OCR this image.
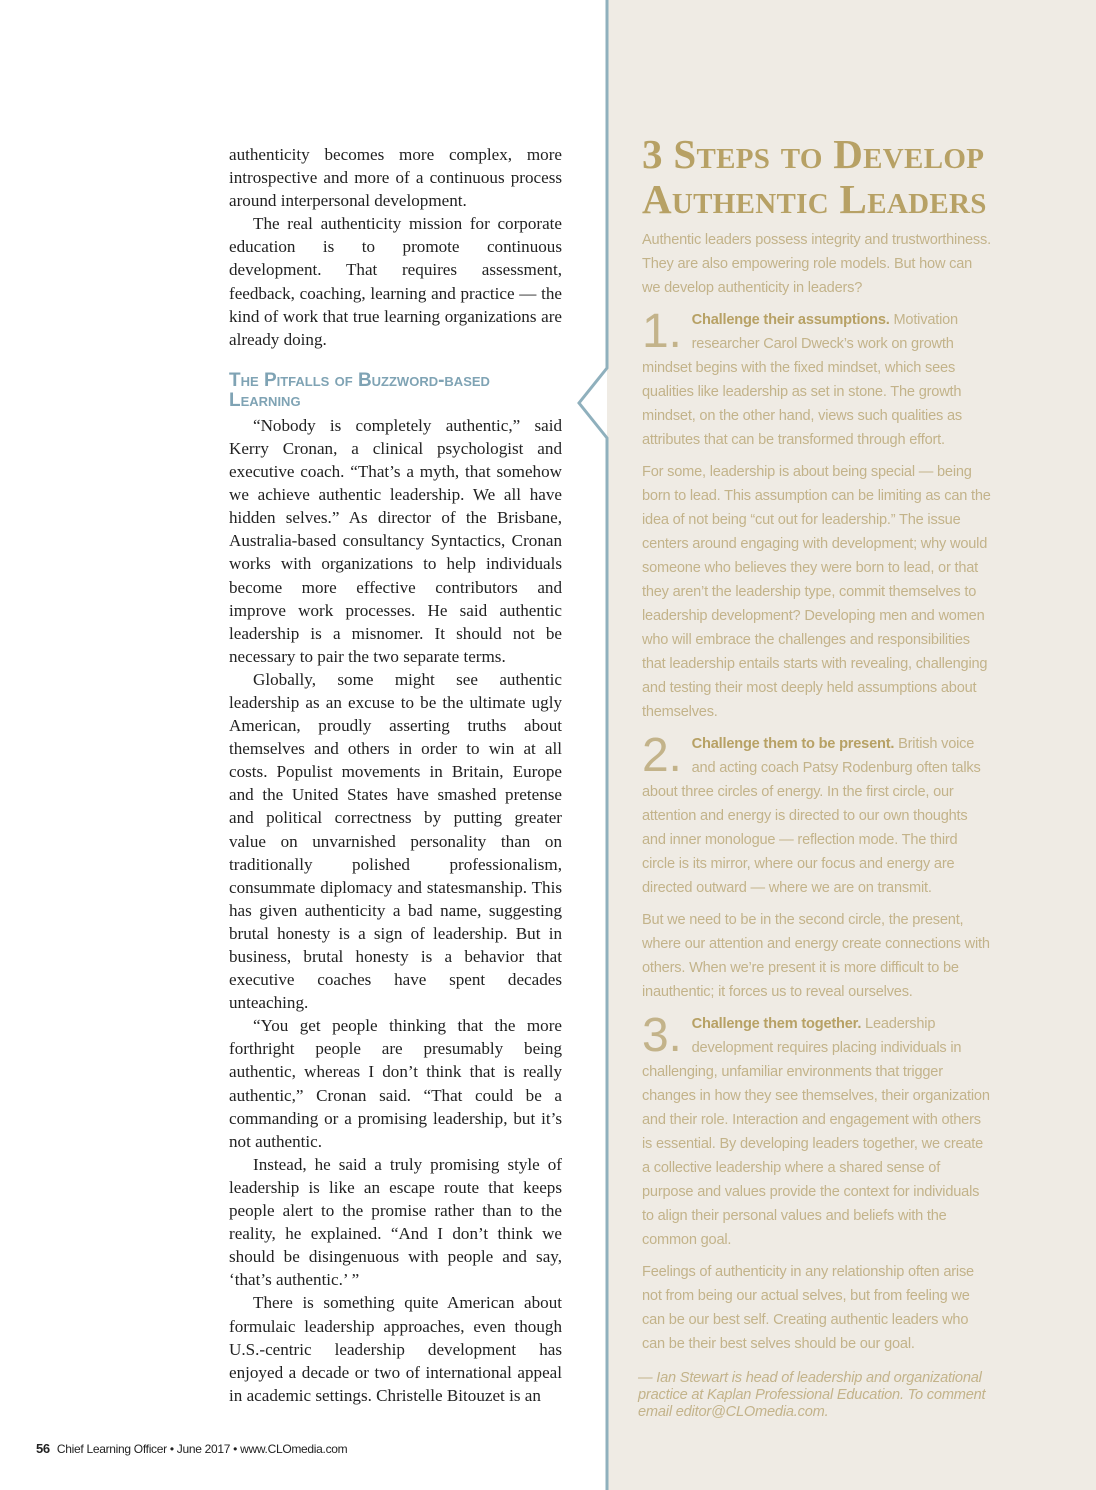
authenticity becomes more complex, more introspective and more of a continuous process around interpersonal development.

The real authenticity mission for corporate education is to promote continuous development. That requires assessment, feedback, coaching, learning and practice — the kind of work that true learning organizations are already doing.

The Pitfalls of Buzzword-based Learning

“Nobody is completely authentic,” said Kerry Cronan, a clinical psychologist and executive coach. “That’s a myth, that somehow we achieve authentic leadership. We all have hidden selves.” As director of the Brisbane, Australia-based consultancy Syntactics, Cronan works with organizations to help individuals become more effective contributors and improve work processes. He said authentic leadership is a misnomer. It should not be necessary to pair the two separate terms.

Globally, some might see authentic leadership as an excuse to be the ultimate ugly American, proudly asserting truths about themselves and others in order to win at all costs. Populist movements in Britain, Europe and the United States have smashed pretense and political correctness by putting greater value on unvarnished personality than on traditionally polished professionalism, consummate diplomacy and statesmanship. This has given authenticity a bad name, suggesting brutal honesty is a sign of leadership. But in business, brutal honesty is a behavior that executive coaches have spent decades unteaching.

“You get people thinking that the more forthright people are presumably being authentic, whereas I don’t think that is really authentic,” Cronan said. “That could be a commanding or a promising leadership, but it’s not authentic.

Instead, he said a truly promising style of leadership is like an escape route that keeps people alert to the promise rather than to the reality, he explained. “And I don’t think we should be disingenuous with people and say, ‘that’s authentic.’ ”

There is something quite American about formulaic leadership approaches, even though U.S.-centric leadership development has enjoyed a decade or two of international appeal in academic settings. Christelle Bitouzet is an

3 Steps to Develop Authentic Leaders

Authentic leaders possess integrity and trustworthiness. They are also empowering role models. But how can we develop authenticity in leaders?

1. Challenge their assumptions. Motivation researcher Carol Dweck’s work on growth mindset begins with the fixed mindset, which sees qualities like leadership as set in stone. The growth mindset, on the other hand, views such qualities as attributes that can be transformed through effort.

For some, leadership is about being special — being born to lead. This assumption can be limiting as can the idea of not being “cut out for leadership.” The issue centers around engaging with development; why would someone who believes they were born to lead, or that they aren’t the leadership type, commit themselves to leadership development? Developing men and women who will embrace the challenges and responsibilities that leadership entails starts with revealing, challenging and testing their most deeply held assumptions about themselves.

2. Challenge them to be present. British voice and acting coach Patsy Rodenburg often talks about three circles of energy. In the first circle, our attention and energy is directed to our own thoughts and inner monologue — reflection mode. The third circle is its mirror, where our focus and energy are directed outward — where we are on transmit.

But we need to be in the second circle, the present, where our attention and energy create connections with others. When we’re present it is more difficult to be inauthentic; it forces us to reveal ourselves.

3. Challenge them together. Leadership development requires placing individuals in challenging, unfamiliar environments that trigger changes in how they see themselves, their organization and their role. Interaction and engagement with others is essential. By developing leaders together, we create a collective leadership where a shared sense of purpose and values provide the context for individuals to align their personal values and beliefs with the common goal.

Feelings of authenticity in any relationship often arise not from being our actual selves, but from feeling we can be our best self. Creating authentic leaders who can be their best selves should be our goal.

— Ian Stewart is head of leadership and organizational practice at Kaplan Professional Education. To comment email editor@CLOmedia.com.

56 Chief Learning Officer • June 2017 • www.CLOmedia.com
